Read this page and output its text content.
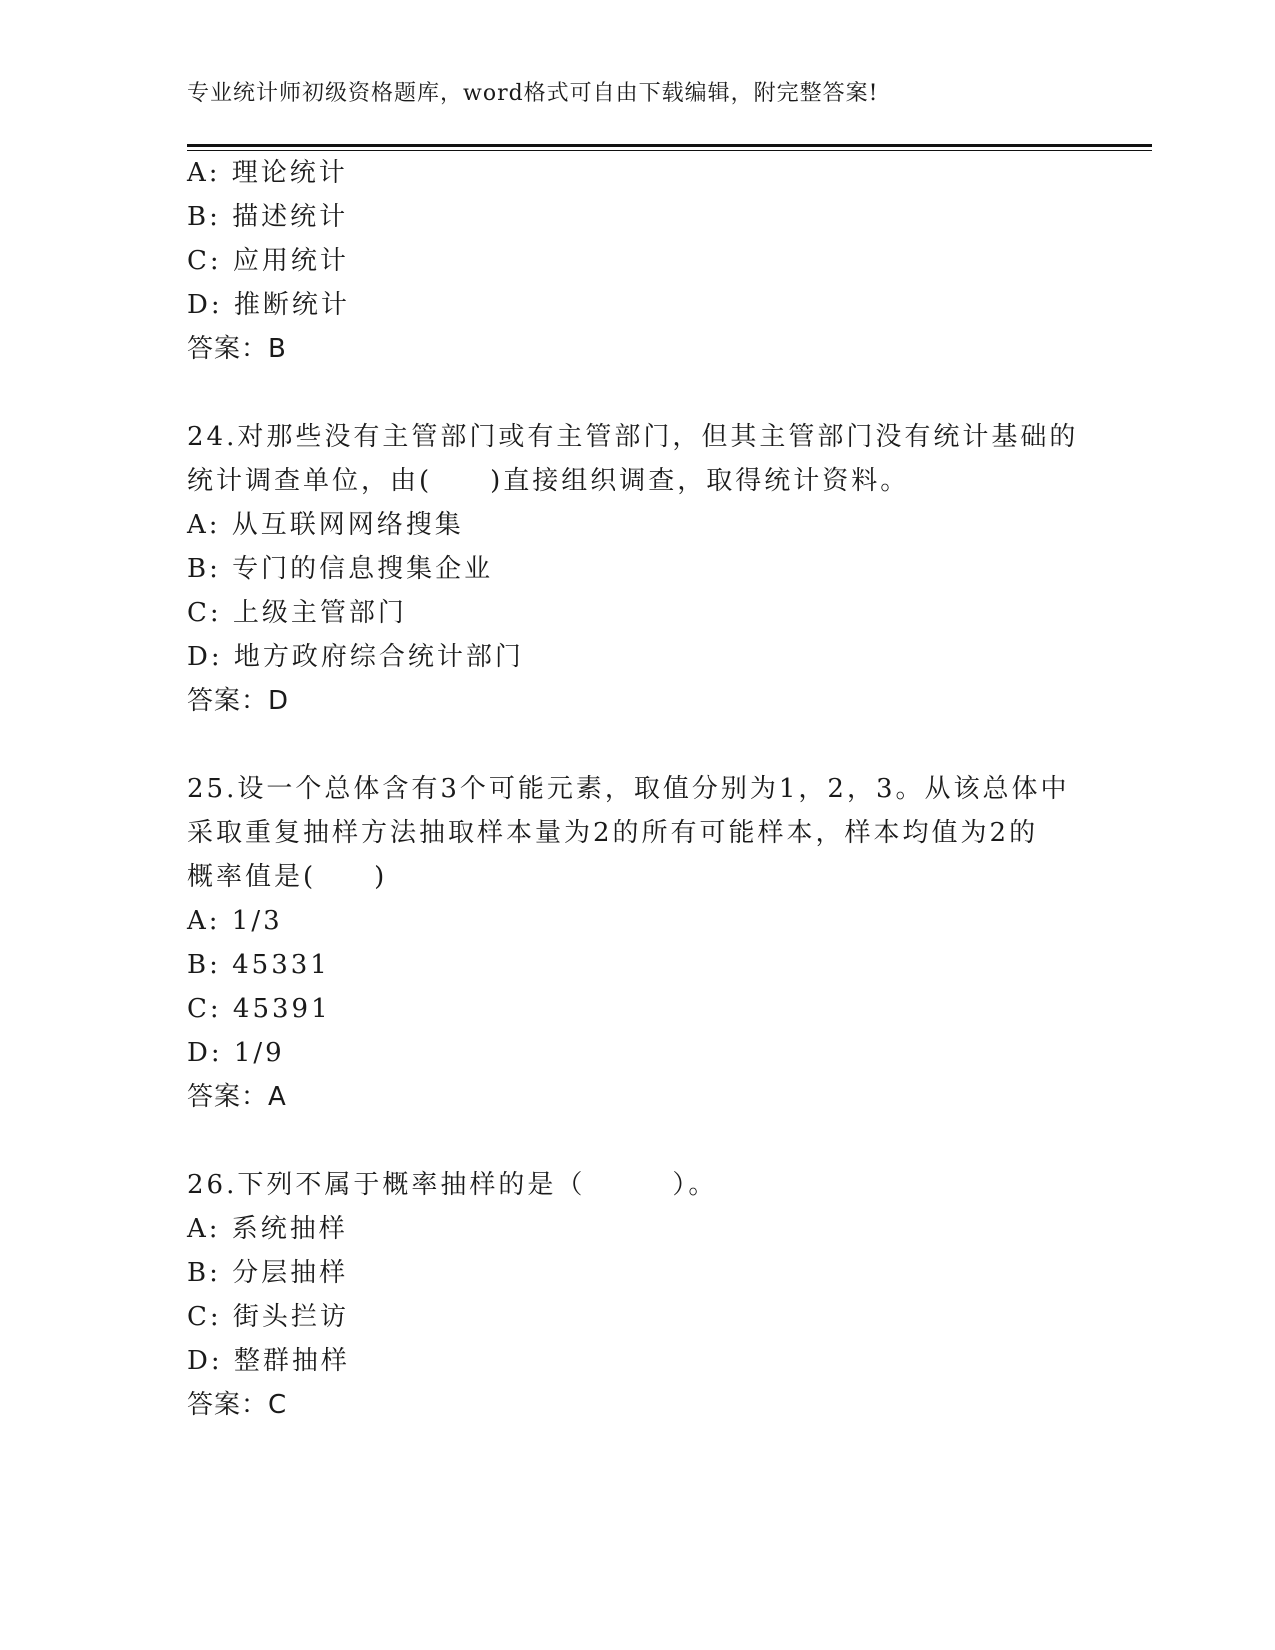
专业统计师初级资格题库，word格式可自由下载编辑，附完整答案!
A: 理论统计
B: 描述统计
C: 应用统计
D: 推断统计
答案：B
24.对那些没有主管部门或有主管部门，但其主管部门没有统计基础的
统计调查单位，由(　　)直接组织调查，取得统计资料。
A: 从互联网网络搜集
B: 专门的信息搜集企业
C: 上级主管部门
D: 地方政府综合统计部门
答案：D
25.设一个总体含有3个可能元素，取值分别为1，2，3。从该总体中
采取重复抽样方法抽取样本量为2的所有可能样本，样本均值为2的
概率值是(　　)
A: 1/3
B: 45331
C: 45391
D: 1/9
答案：A
26.下列不属于概率抽样的是（　　　）。
A: 系统抽样
B: 分层抽样
C: 街头拦访
D: 整群抽样
答案：C
